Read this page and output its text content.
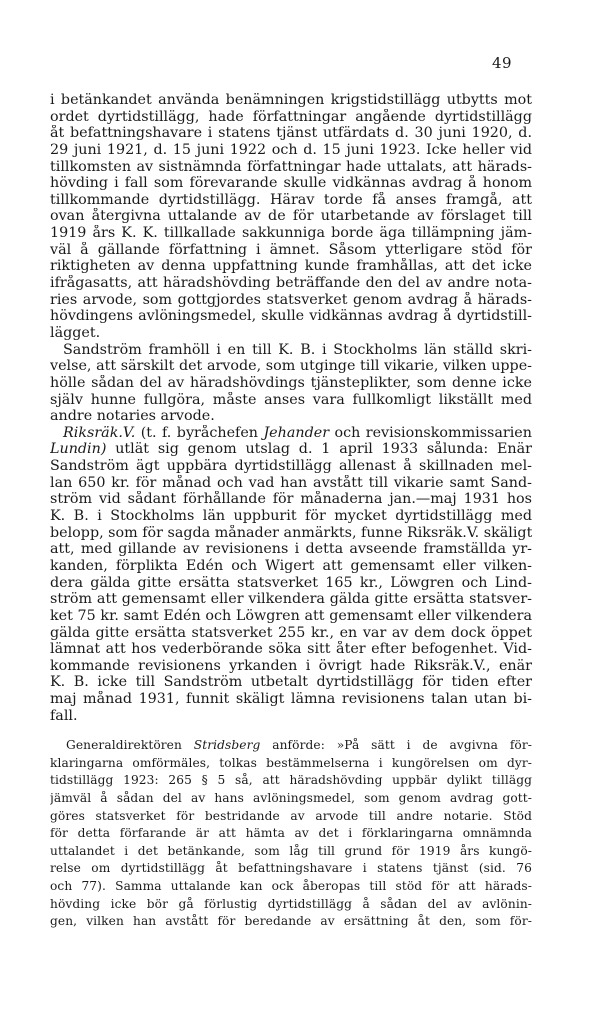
49
i betänkandet använda benämningen krigstidstillägg utbytts mot
ordet dyrtidstillägg, hade författningar angående dyrtidstillägg
åt befattningshavare i statens tjänst utfärdats d. 30 juni 1920, d.
29 juni 1921, d. 15 juni 1922 och d. 15 juni 1923. Icke heller vid
tillkomsten av sistnämnda författningar hade uttalats, att härads-
hövding i fall som förevarande skulle vidkännas avdrag å honom
tillkommande dyrtidstillägg. Härav torde få anses framgå, att
ovan återgivna uttalande av de för utarbetande av förslaget till
1919 års K. K. tillkallade sakkunniga borde äga tillämpning jäm-
väl å gällande författning i ämnet. Såsom ytterligare stöd för
riktigheten av denna uppfattning kunde framhållas, att det icke
ifrågasatts, att häradshövding beträffande den del av andre nota-
ries arvode, som gottgjordes statsverket genom avdrag å härads-
hövdingens avlöningsmedel, skulle vidkännas avdrag å dyrtidstill-
lägget.
Sandström framhöll i en till K. B. i Stockholms län ställd skri-
velse, att särskilt det arvode, som utginge till vikarie, vilken uppe-
hölle sådan del av häradshövdings tjänsteplikter, som denne icke
själv hunne fullgöra, måste anses vara fullkomligt likställt med
andre notaries arvode.
Riksräk.V. (t. f. byråchefen Jehander och revisionskommissarien
Lundin) utlät sig genom utslag d. 1 april 1933 sålunda: Enär
Sandström ägt uppbära dyrtidstillägg allenast å skillnaden mel-
lan 650 kr. för månad och vad han avstått till vikarie samt Sand-
ström vid sådant förhållande för månaderna jan.—maj 1931 hos
K. B. i Stockholms län uppburit för mycket dyrtidstillägg med
belopp, som för sagda månader anmärkts, funne Riksräk.V. skäligt
att, med gillande av revisionens i detta avseende framställda yr-
kanden, förplikta Edén och Wigert att gemensamt eller vilken-
dera gälda gitte ersätta statsverket 165 kr., Löwgren och Lind-
ström att gemensamt eller vilkendera gälda gitte ersätta statsver-
ket 75 kr. samt Edén och Löwgren att gemensamt eller vilkendera
gälda gitte ersätta statsverket 255 kr., en var av dem dock öppet
lämnat att hos vederbörande söka sitt åter efter befogenhet. Vid-
kommande revisionens yrkanden i övrigt hade Riksräk.V., enär
K. B. icke till Sandström utbetalt dyrtidstillägg för tiden efter
maj månad 1931, funnit skäligt lämna revisionens talan utan bi-
fall.
Generaldirektören Stridsberg anförde: »På sätt i de avgivna för-
klaringarna omförmäles, tolkas bestämmelserna i kungörelsen om dyr-
tidstillägg 1923: 265 § 5 så, att häradshövding uppbär dylikt tillägg
jämväl å sådan del av hans avlöningsmedel, som genom avdrag gott-
göres statsverket för bestridande av arvode till andre notarie. Stöd
för detta förfarande är att hämta av det i förklaringarna omnämnda
uttalandet i det betänkande, som låg till grund för 1919 års kungö-
relse om dyrtidstillägg åt befattningshavare i statens tjänst (sid. 76
och 77). Samma uttalande kan ock åberopas till stöd för att härads-
hövding icke bör gå förlustig dyrtidstillägg å sådan del av avlönin-
gen, vilken han avstått för beredande av ersättning åt den, som för-
